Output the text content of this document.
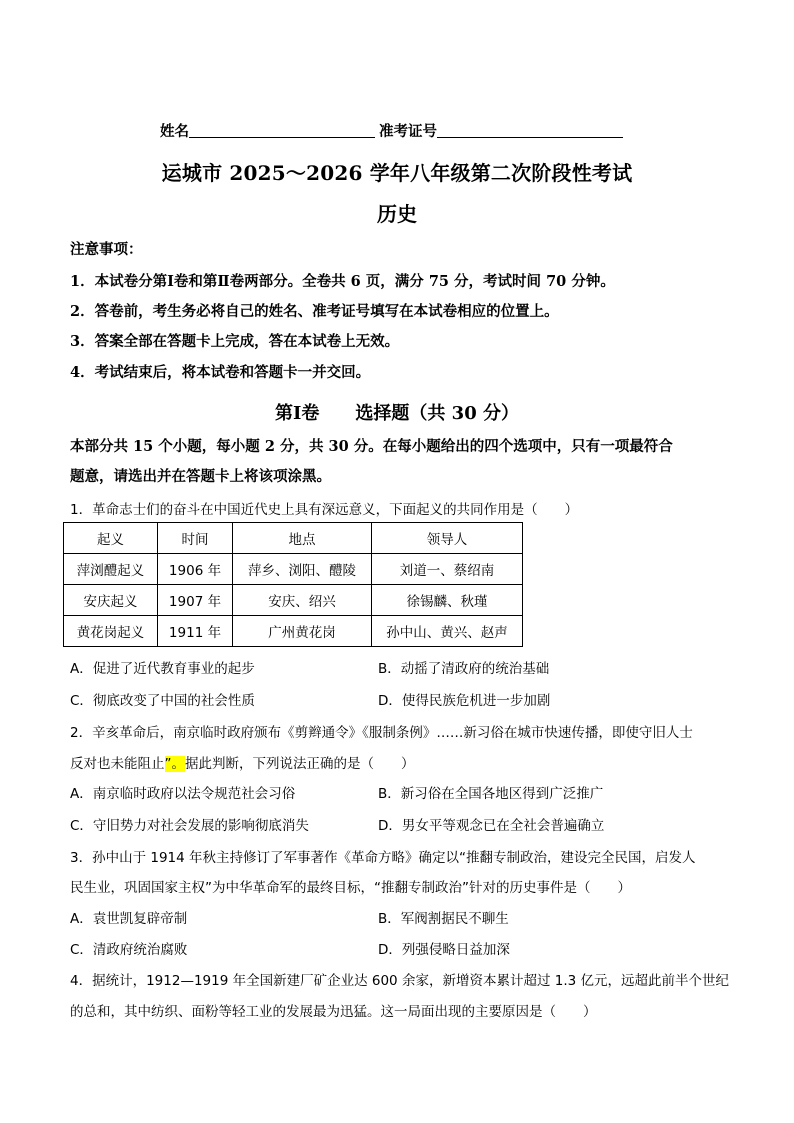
姓名	准考证号
运城市 2025～2026 学年八年级第二次阶段性考试
历史
注意事项：
1．本试卷分第Ⅰ卷和第Ⅱ卷两部分。全卷共 6 页，满分 75 分，考试时间 70 分钟。
2．答卷前，考生务必将自己的姓名、准考证号填写在本试卷相应的位置上。
3．答案全部在答题卡上完成，答在本试卷上无效。
4．考试结束后，将本试卷和答题卡一并交回。
第Ⅰ卷 选择题（共 30 分）
本部分共 15 个小题，每小题 2 分，共 30 分。在每小题给出的四个选项中，只有一项最符合
题意，请选出并在答题卡上将该项涂黑。
1．革命志士们的奋斗在中国近代史上具有深远意义，下面起义的共同作用是（　　）
起义	时间	地点	领导人
萍浏醴起义	1906 年	萍乡、浏阳、醴陵	刘道一、蔡绍南
安庆起义	1907 年	安庆、绍兴	徐锡麟、秋瑾
黄花岗起义	1911 年	广州黄花岗	孙中山、黄兴、赵声
A．促进了近代教育事业的起步	B．动摇了清政府的统治基础
C．彻底改变了中国的社会性质	D．使得民族危机进一步加剧
2．辛亥革命后，南京临时政府颁布《剪辫通令》《服制条例》……新习俗在城市快速传播，即使守旧人士
反对也未能阻止”。据此判断，下列说法正确的是（　　）
A．南京临时政府以法令规范社会习俗	B．新习俗在全国各地区得到广泛推广
C．守旧势力对社会发展的影响彻底消失	D．男女平等观念已在全社会普遍确立
3．孙中山于 1914 年秋主持修订了军事著作《革命方略》确定以“推翻专制政治，建设完全民国，启发人
民生业，巩固国家主权”为中华革命军的最终目标，“推翻专制政治”针对的历史事件是（　　）
A．袁世凯复辟帝制	B．军阀割据民不聊生
C．清政府统治腐败	D．列强侵略日益加深
4．据统计，1912—1919 年全国新建厂矿企业达 600 余家，新增资本累计超过 1.3 亿元，远超此前半个世纪
的总和，其中纺织、面粉等轻工业的发展最为迅猛。这一局面出现的主要原因是（　　）
